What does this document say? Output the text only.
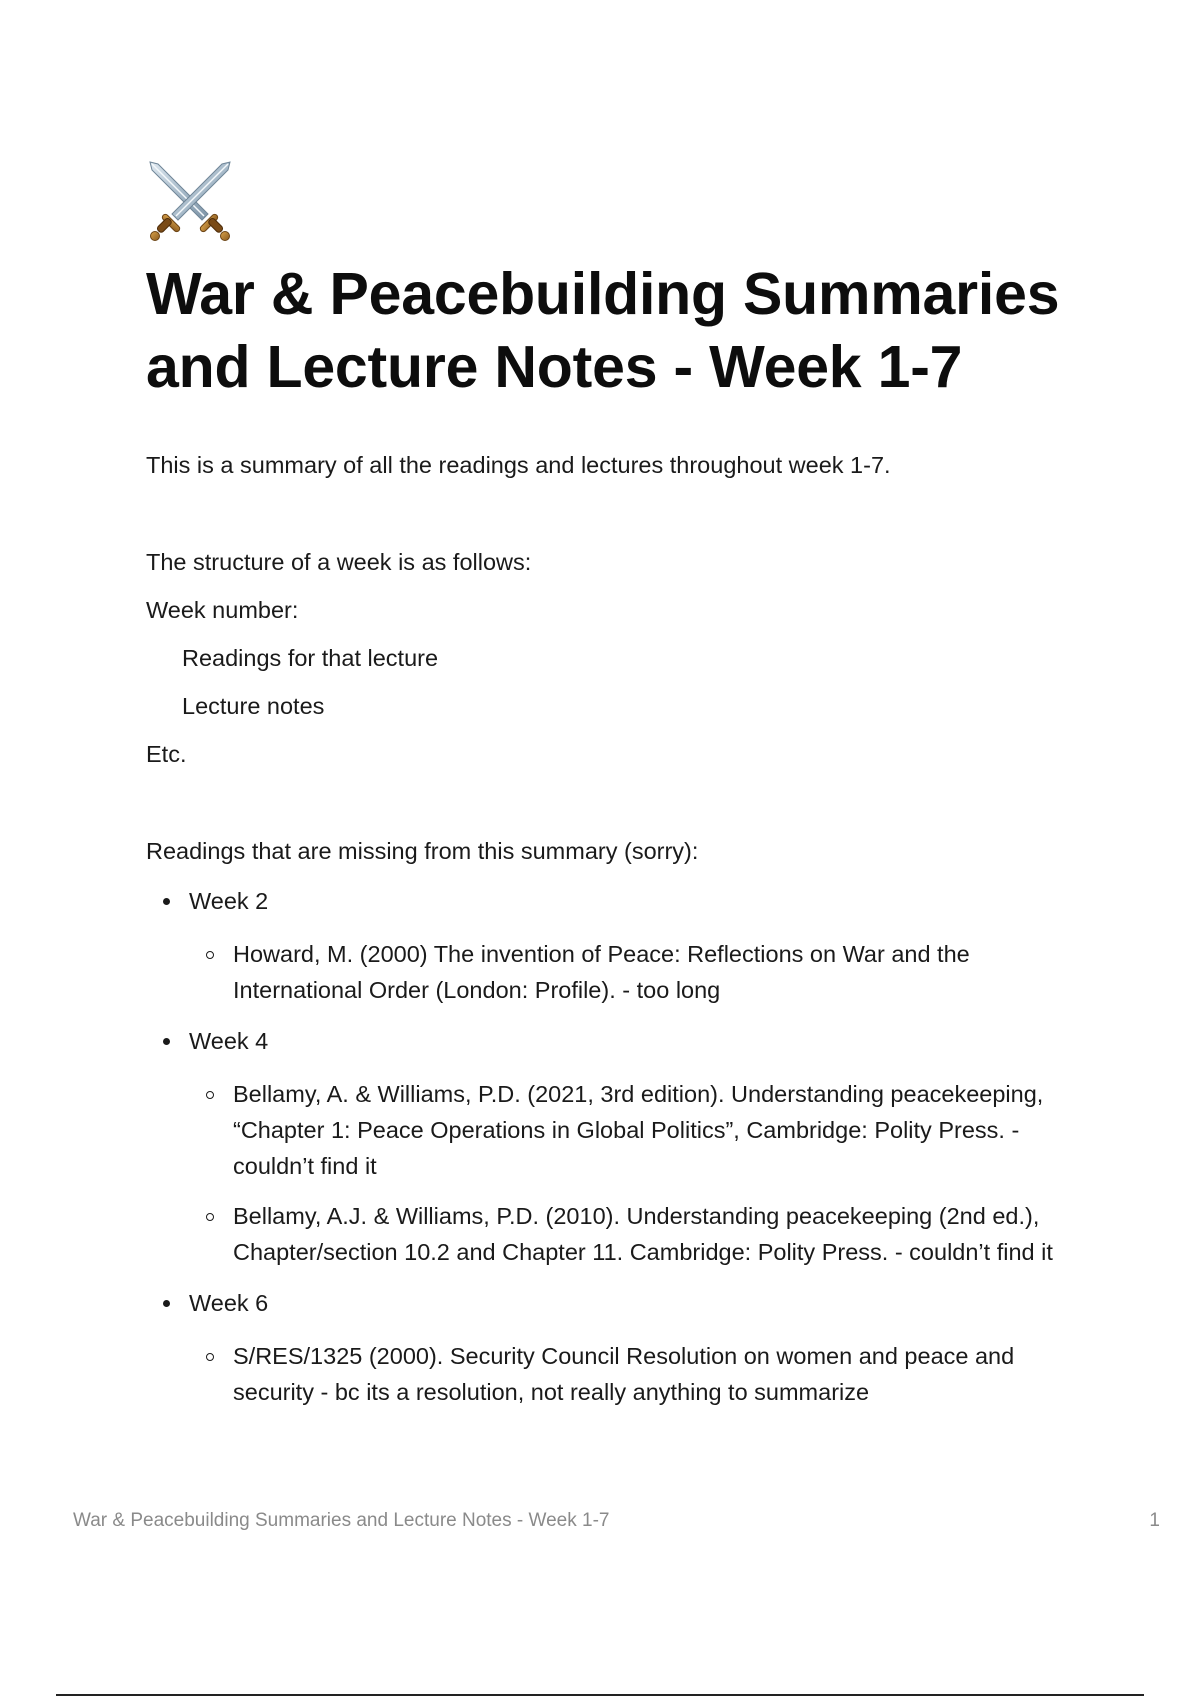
War & Peacebuilding Summaries and Lecture Notes - Week 1-7

This is a summary of all the readings and lectures throughout week 1-7.

The structure of a week is as follows:

Week number:

Readings for that lecture

Lecture notes

Etc.

Readings that are missing from this summary (sorry):

Week 2
Howard, M. (2000) The invention of Peace: Reflections on War and the International Order (London: Profile). - too long
Week 4
Bellamy, A. & Williams, P.D. (2021, 3rd edition). Understanding peacekeeping, “Chapter 1: Peace Operations in Global Politics”, Cambridge: Polity Press. - couldn’t find it
Bellamy, A.J. & Williams, P.D. (2010). Understanding peacekeeping (2nd ed.), Chapter/section 10.2 and Chapter 11. Cambridge: Polity Press. - couldn’t find it
Week 6
S/RES/1325 (2000). Security Council Resolution on women and peace and security - bc its a resolution, not really anything to summarize
War & Peacebuilding Summaries and Lecture Notes - Week 1-7	1
